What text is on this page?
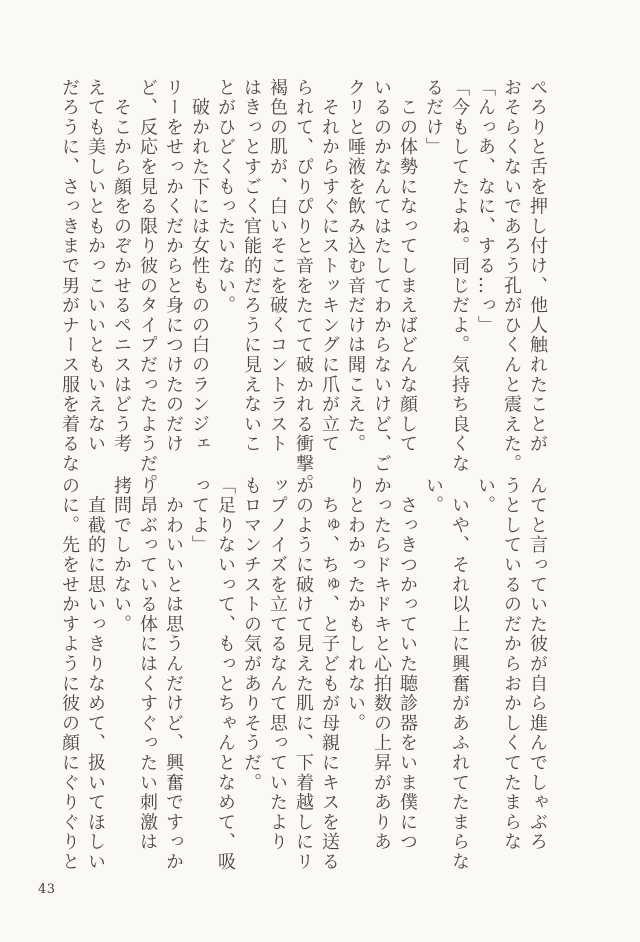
ぺろりと舌を押し付け、他人触れたことが
おそらくないであろう孔がひくんと震えた。
「んっあ、なに、する…っ」
「今もしてたよね。同じだよ。気持ち良くな
るだけ」
　この体勢になってしまえばどんな顔して
いるのかなんてはたしてわからないけど、ご
クリと唾液を飲み込む音だけは聞こえた。
　それからすぐにストッキングに爪が立て
られて、ぴりぴりと音をたてて破かれる衝撃。
褐色の肌が、白いそこを破くコントラスト
はきっとすごく官能的だろうに見えないこ
とがひどくもったいない。
　破かれた下には女性ものの白のランジェ
リーをせっかくだからと身につけたのだけ
ど、反応を見る限り彼のタイプだったようだ。
　そこから顔をのぞかせるペニスはどう考
えても美しいともかっこいいともいえない
だろうに、さっきまで男がナース服を着るな
んてと言っていた彼が自ら進んでしゃぶろ
うとしているのだからおかしくてたまらな
い。
　いや、それ以上に興奮があふれてたまらな
い。
　さっきつかっていた聴診器をいま僕につ
かったらドキドキと心拍数の上昇がありあ
りとわかったかもしれない。
　ちゅ、ちゅ、と子どもが母親にキスを送る
かのように破けて見えた肌に、下着越しにリ
ップノイズを立てるなんて思っていたより
もロマンチストの気がありそうだ。
「足りないって、もっとちゃんとなめて、吸
ってよ」
　かわいいとは思うんだけど、興奮ですっか
り昂ぶっている体にはくすぐったい刺激は
拷問でしかない。
　直截的に思いっきりなめて、扱いてほしい
のに。先をせかすように彼の顔にぐりぐりと
43
